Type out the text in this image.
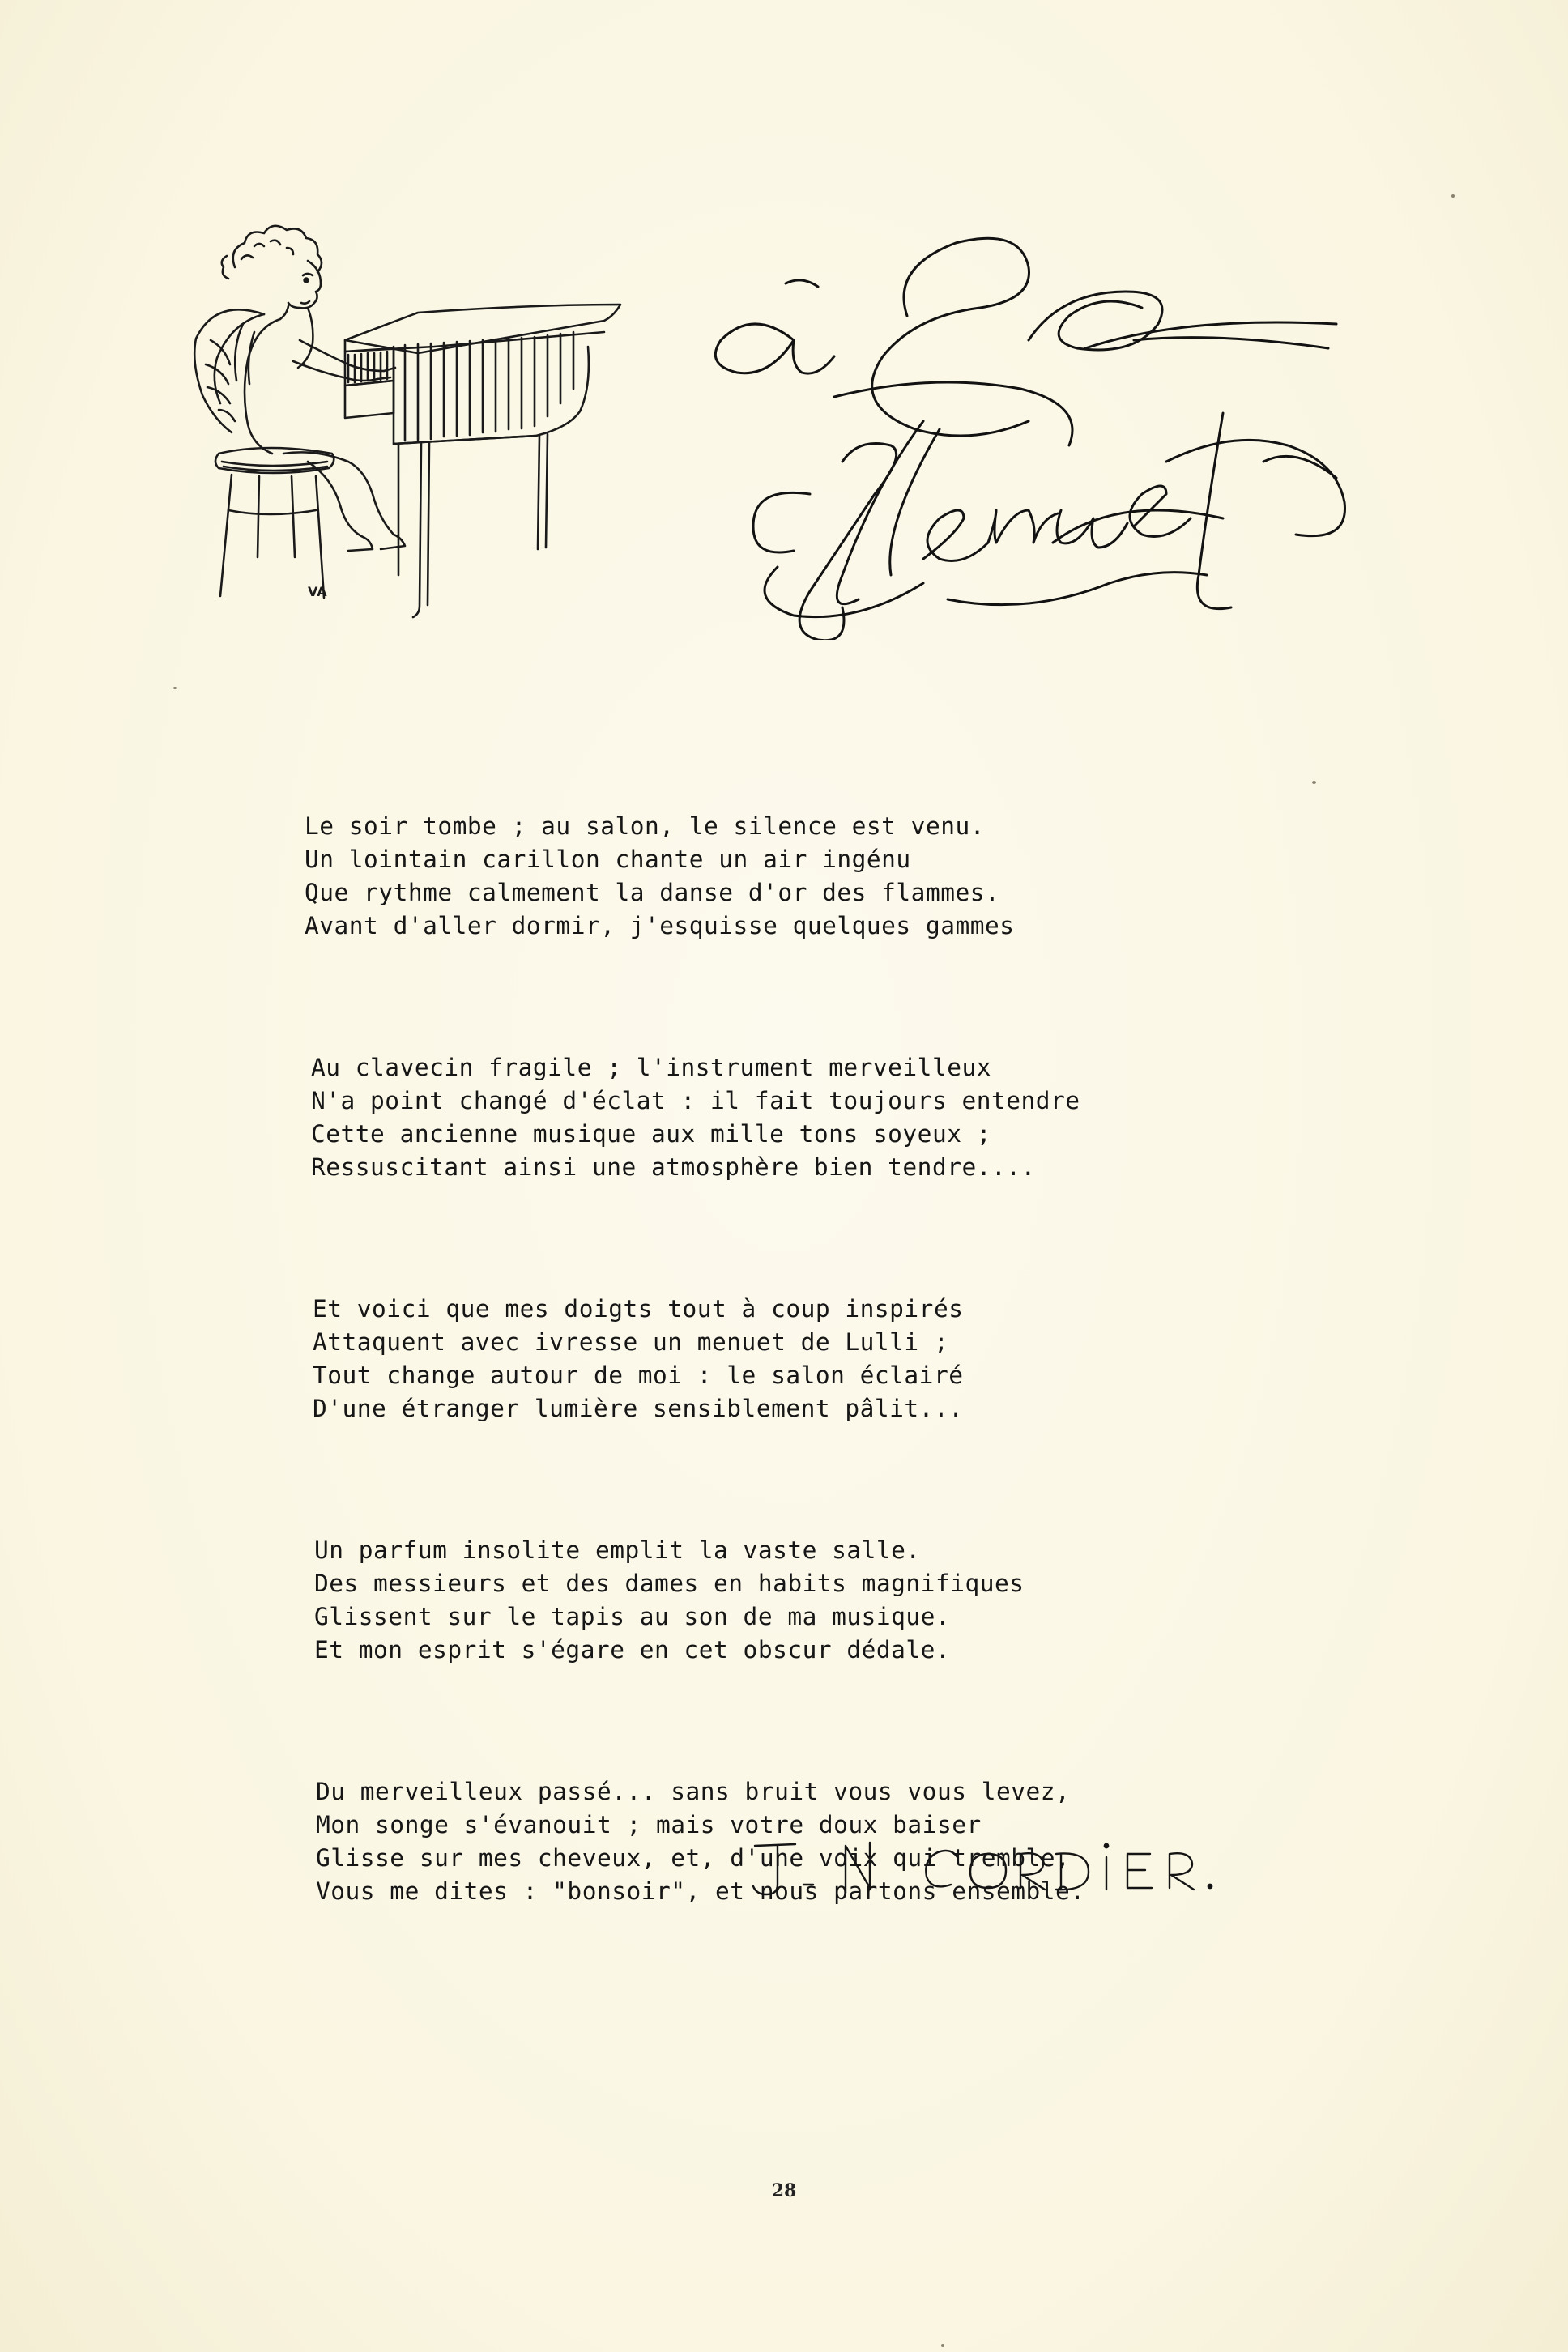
VA
Le soir tombe ; au salon, le silence est venu.
Un lointain carillon chante un air ingénu
Que rythme calmement la danse d'or des flammes.
Avant d'aller dormir, j'esquisse quelques gammes
Au clavecin fragile ; l'instrument merveilleux
N'a point changé d'éclat : il fait toujours entendre
Cette ancienne musique aux mille tons soyeux ;
Ressuscitant ainsi une atmosphère bien tendre....
Et voici que mes doigts tout à coup inspirés
Attaquent avec ivresse un menuet de Lulli ;
Tout change autour de moi : le salon éclairé
D'une étranger lumière sensiblement pâlit...
Un parfum insolite emplit la vaste salle.
Des messieurs et des dames en habits magnifiques
Glissent sur le tapis au son de ma musique.
Et mon esprit s'égare en cet obscur dédale.
Du merveilleux passé... sans bruit vous vous levez,
Mon songe s'évanouit ; mais votre doux baiser
Glisse sur mes cheveux, et, d'une voix qui tremble,
Vous me dites : "bonsoir", et nous partons ensemble.
28
